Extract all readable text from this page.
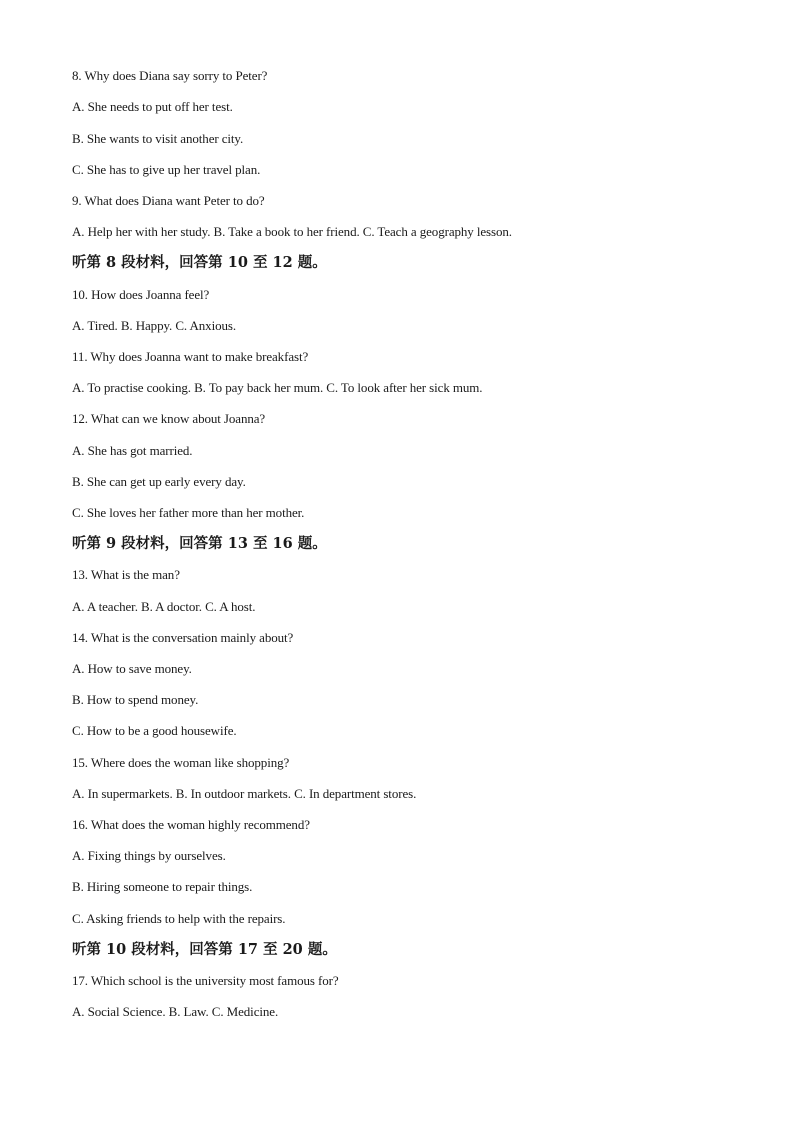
8. Why does Diana say sorry to Peter?
A. She needs to put off her test.
B. She wants to visit another city.
C. She has to give up her travel plan.
9. What does Diana want Peter to do?
A. Help her with her study. B. Take a book to her friend. C. Teach a geography lesson.
听第 8 段材料，回答第 10 至 12 题。
10. How does Joanna feel?
A. Tired. B. Happy. C. Anxious.
11. Why does Joanna want to make breakfast?
A. To practise cooking. B. To pay back her mum. C. To look after her sick mum.
12. What can we know about Joanna?
A. She has got married.
B. She can get up early every day.
C. She loves her father more than her mother.
听第 9 段材料，回答第 13 至 16 题。
13. What is the man?
A. A teacher. B. A doctor. C. A host.
14. What is the conversation mainly about?
A. How to save money.
B. How to spend money.
C. How to be a good housewife.
15. Where does the woman like shopping?
A. In supermarkets. B. In outdoor markets. C. In department stores.
16. What does the woman highly recommend?
A. Fixing things by ourselves.
B. Hiring someone to repair things.
C. Asking friends to help with the repairs.
听第 10 段材料，回答第 17 至 20 题。
17. Which school is the university most famous for?
A. Social Science. B. Law. C. Medicine.
